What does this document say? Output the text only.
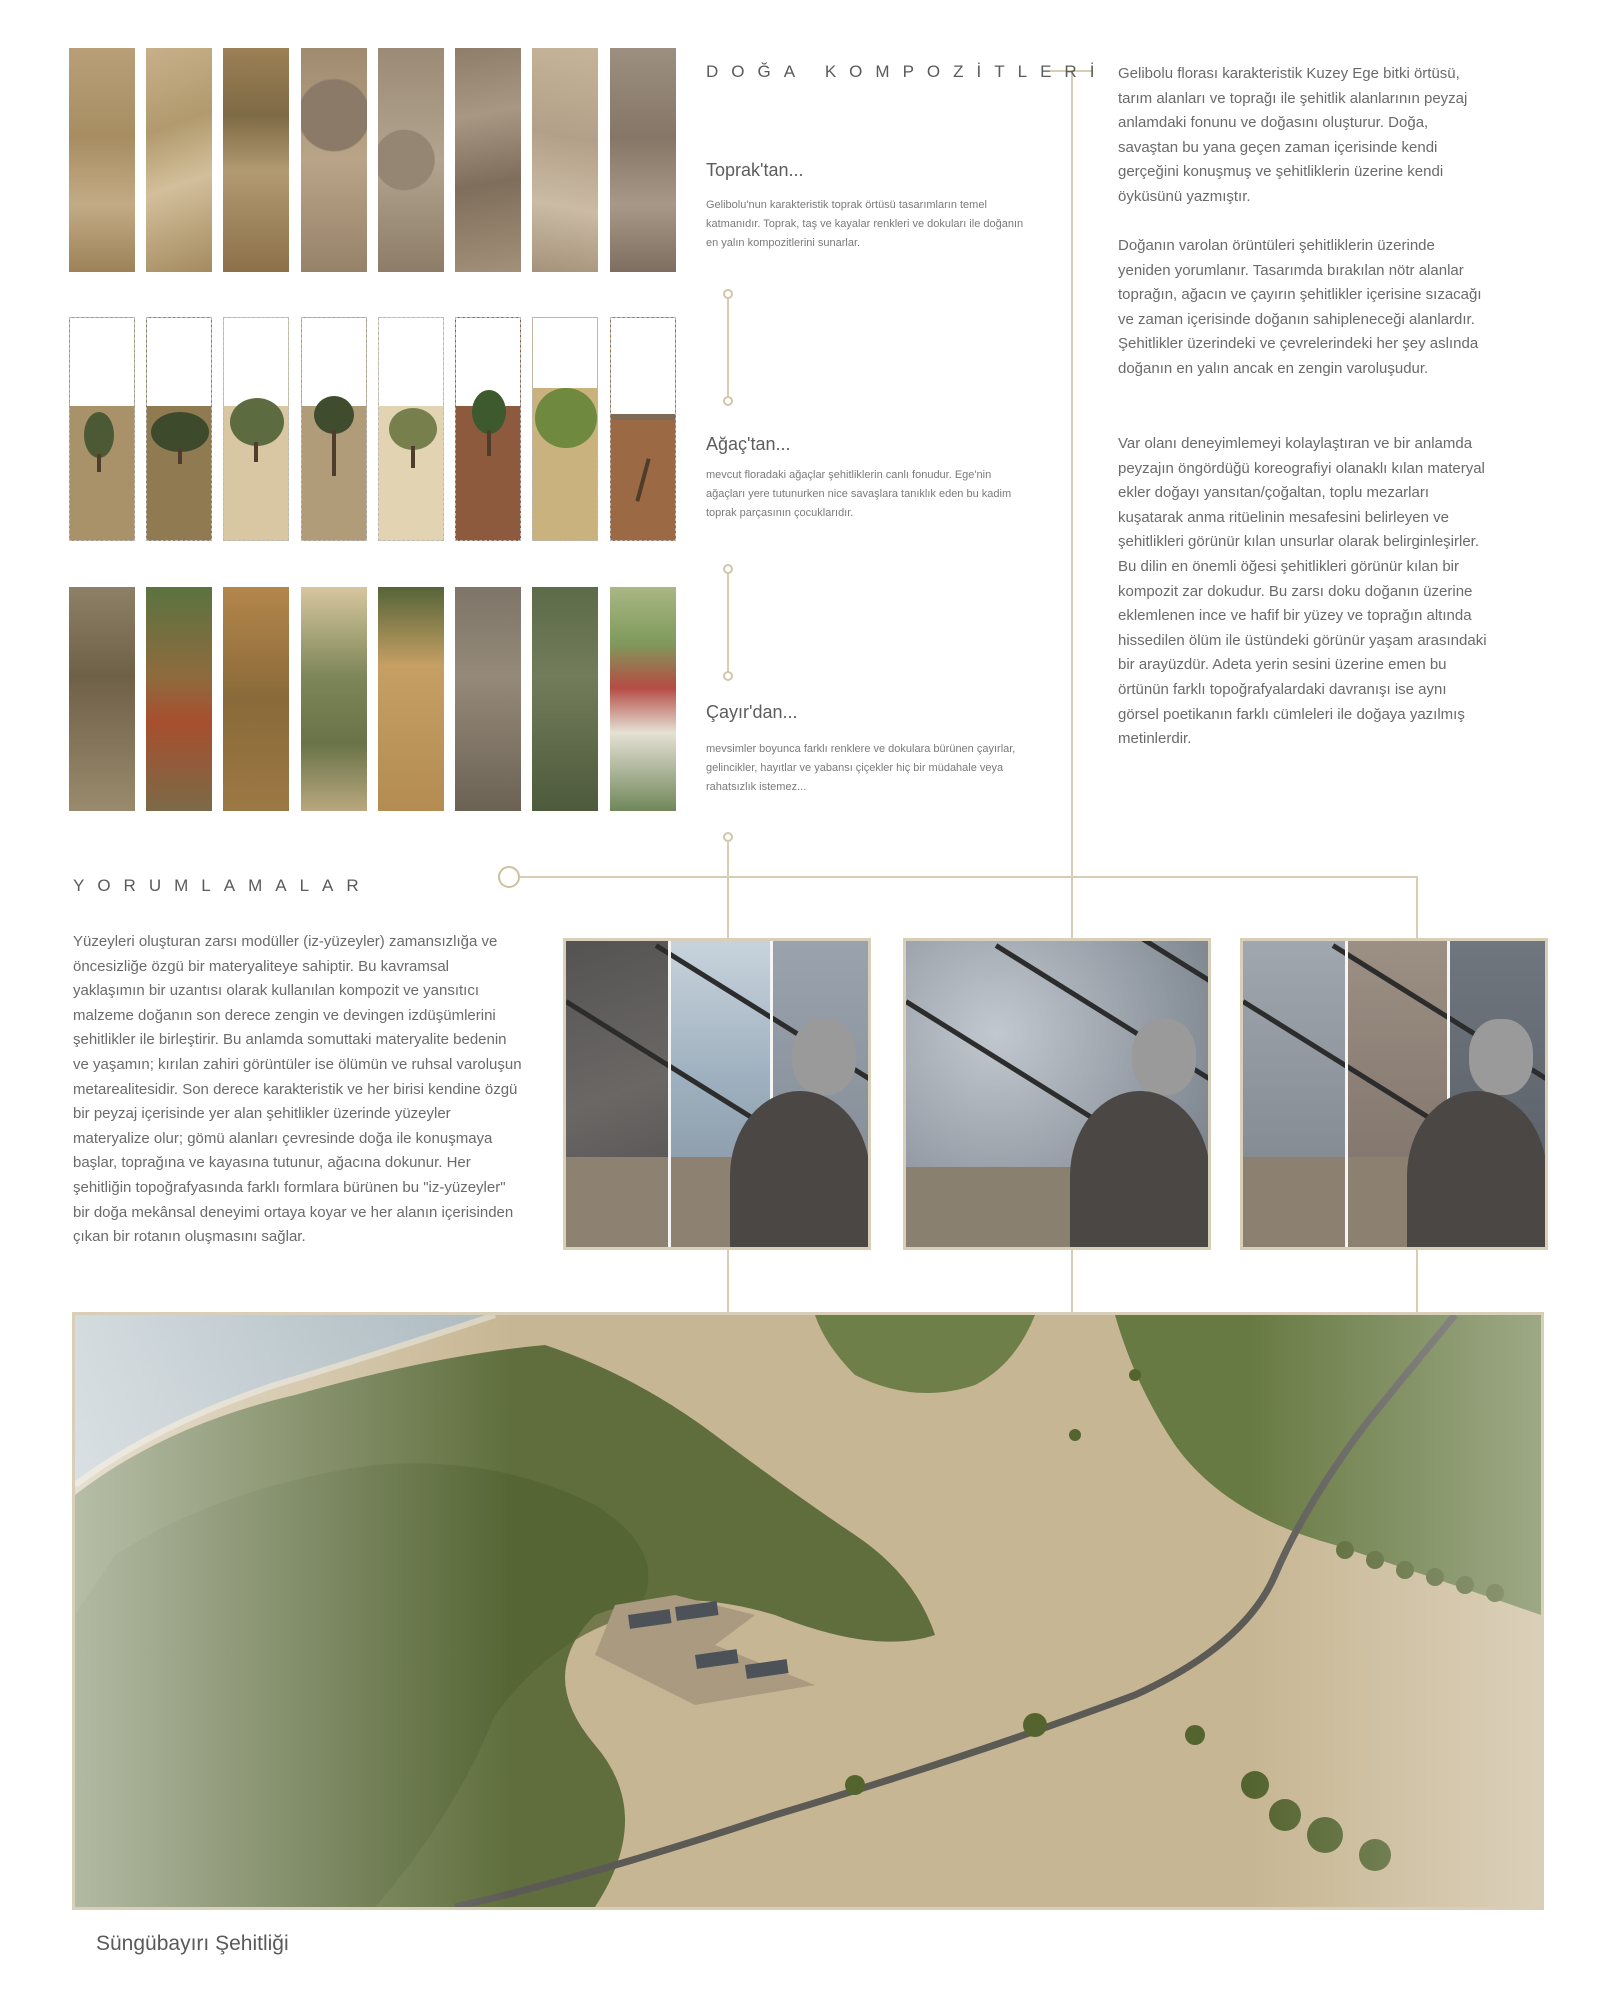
DOĞA KOMPOZİTLERİ
Toprak'tan...
Gelibolu'nun karakteristik toprak örtüsü tasarımların temel katmanıdır. Toprak, taş ve kayalar renkleri ve dokuları ile doğanın en yalın kompozitlerini sunarlar.
Ağaç'tan...
mevcut floradaki ağaçlar şehitliklerin canlı fonudur. Ege'nin ağaçları yere tutunurken nice savaşlara tanıklık eden bu kadim toprak parçasının çocuklarıdır.
Çayır'dan...
mevsimler boyunca farklı renklere ve dokulara bürünen çayırlar, gelincikler, hayıtlar ve yabansı çiçekler hiç bir müdahale veya rahatsızlık istemez...
Gelibolu florası karakteristik Kuzey Ege bitki örtüsü, tarım alanları ve toprağı ile şehitlik alanlarının peyzaj anlamdaki fonunu ve doğasını oluşturur. Doğa, savaştan bu yana geçen zaman içerisinde kendi gerçeğini konuşmuş ve şehitliklerin üzerine kendi öyküsünü yazmıştır.
Doğanın varolan örüntüleri şehitliklerin üzerinde yeniden yorumlanır. Tasarımda bırakılan nötr alanlar toprağın, ağacın ve çayırın şehitlikler içerisine sızacağı ve zaman içerisinde doğanın sahipleneceği alanlardır. Şehitlikler üzerindeki ve çevrelerindeki her şey aslında doğanın en yalın ancak en zengin varoluşudur.
Var olanı deneyimlemeyi kolaylaştıran ve bir anlamda peyzajın öngördüğü koreografiyi olanaklı kılan materyal ekler doğayı yansıtan/çoğaltan, toplu mezarları kuşatarak anma ritüelinin mesafesini belirleyen ve şehitlikleri görünür kılan unsurlar olarak belirginleşirler. Bu dilin en önemli öğesi şehitlikleri görünür kılan bir kompozit zar dokudur. Bu zarsı doku doğanın üzerine eklemlenen ince ve hafif bir yüzey ve toprağın altında hissedilen ölüm ile üstündeki görünür yaşam arasındaki bir arayüzdür. Adeta yerin sesini üzerine emen bu örtünün farklı topoğrafyalardaki davranışı ise aynı görsel poetikanın farklı cümleleri ile doğaya yazılmış metinlerdir.
YORUMLAMALAR
Yüzeyleri oluşturan zarsı modüller (iz-yüzeyler) zamansızlığa ve öncesizliğe özgü bir materyaliteye sahiptir. Bu kavramsal yaklaşımın bir uzantısı olarak kullanılan kompozit ve yansıtıcı malzeme doğanın son derece zengin ve devingen izdüşümlerini şehitlikler ile birleştirir. Bu anlamda somuttaki materyalite bedenin ve yaşamın; kırılan zahiri görüntüler ise ölümün ve ruhsal varoluşun metarealitesidir. Son derece karakteristik ve her birisi kendine özgü bir peyzaj içerisinde yer alan şehitlikler üzerinde yüzeyler materyalize olur; gömü alanları çevresinde doğa ile konuşmaya başlar, toprağına ve kayasına tutunur, ağacına dokunur. Her şehitliğin topoğrafyasında farklı formlara bürünen bu "iz-yüzeyler" bir doğa mekânsal deneyimi ortaya koyar ve her alanın içerisinden çıkan bir rotanın oluşmasını sağlar.
Süngübayırı Şehitliği
